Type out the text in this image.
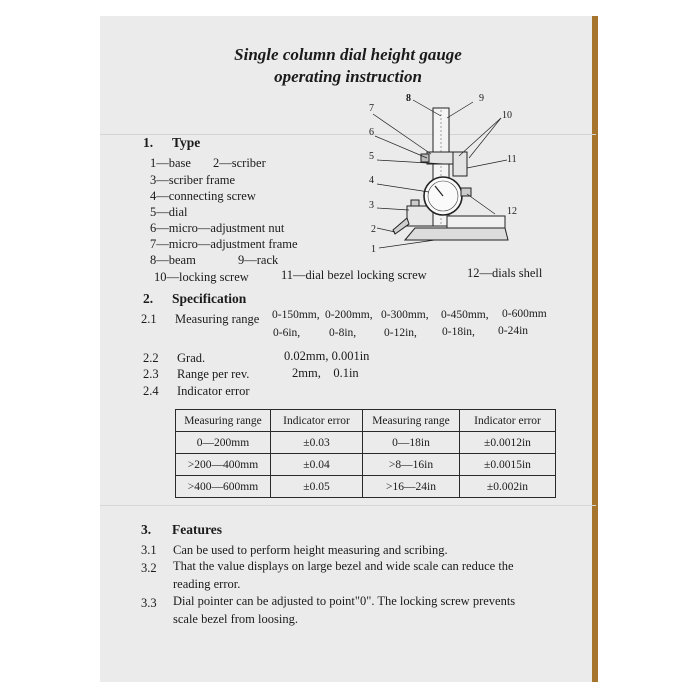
Single column dial height gauge
operating instruction
1. Type
1—base 2—scriber
3—scriber frame
4—connecting screw
5—dial
6—micro—adjustment nut
7—micro—adjustment frame
8—beam	9—rack
10—locking screw	11—dial bezel locking screw	12—dials shell
8	9
7
10
6
5	11
4
3
12
2
1
2. Specification
2.1 Measuring range 0-150mm, 0-200mm, 0-300mm, 0-450mm, 0-600mm
0-6in,	0-8in, 0-12in, 0-18in, 0-24in
2.2 Grad.	0.02mm, 0.001in
2.3 Range per rev.	2mm,    0.1in
2.4 Indicator error
Measuring range	Indicator error	Measuring range	Indicator error
0—200mm	±0.03	0—18in	±0.0012in
>200—400mm	±0.04	>8—16in	±0.0015in
>400—600mm	±0.05	>16—24in	±0.002in
3. Features
3.1 Can be used to perform height measuring and scribing.
3.2 That the value displays on large bezel and wide scale can reduce the
reading error.
3.3 Dial pointer can be adjusted to point"0". The locking screw prevents
scale bezel from loosing.
